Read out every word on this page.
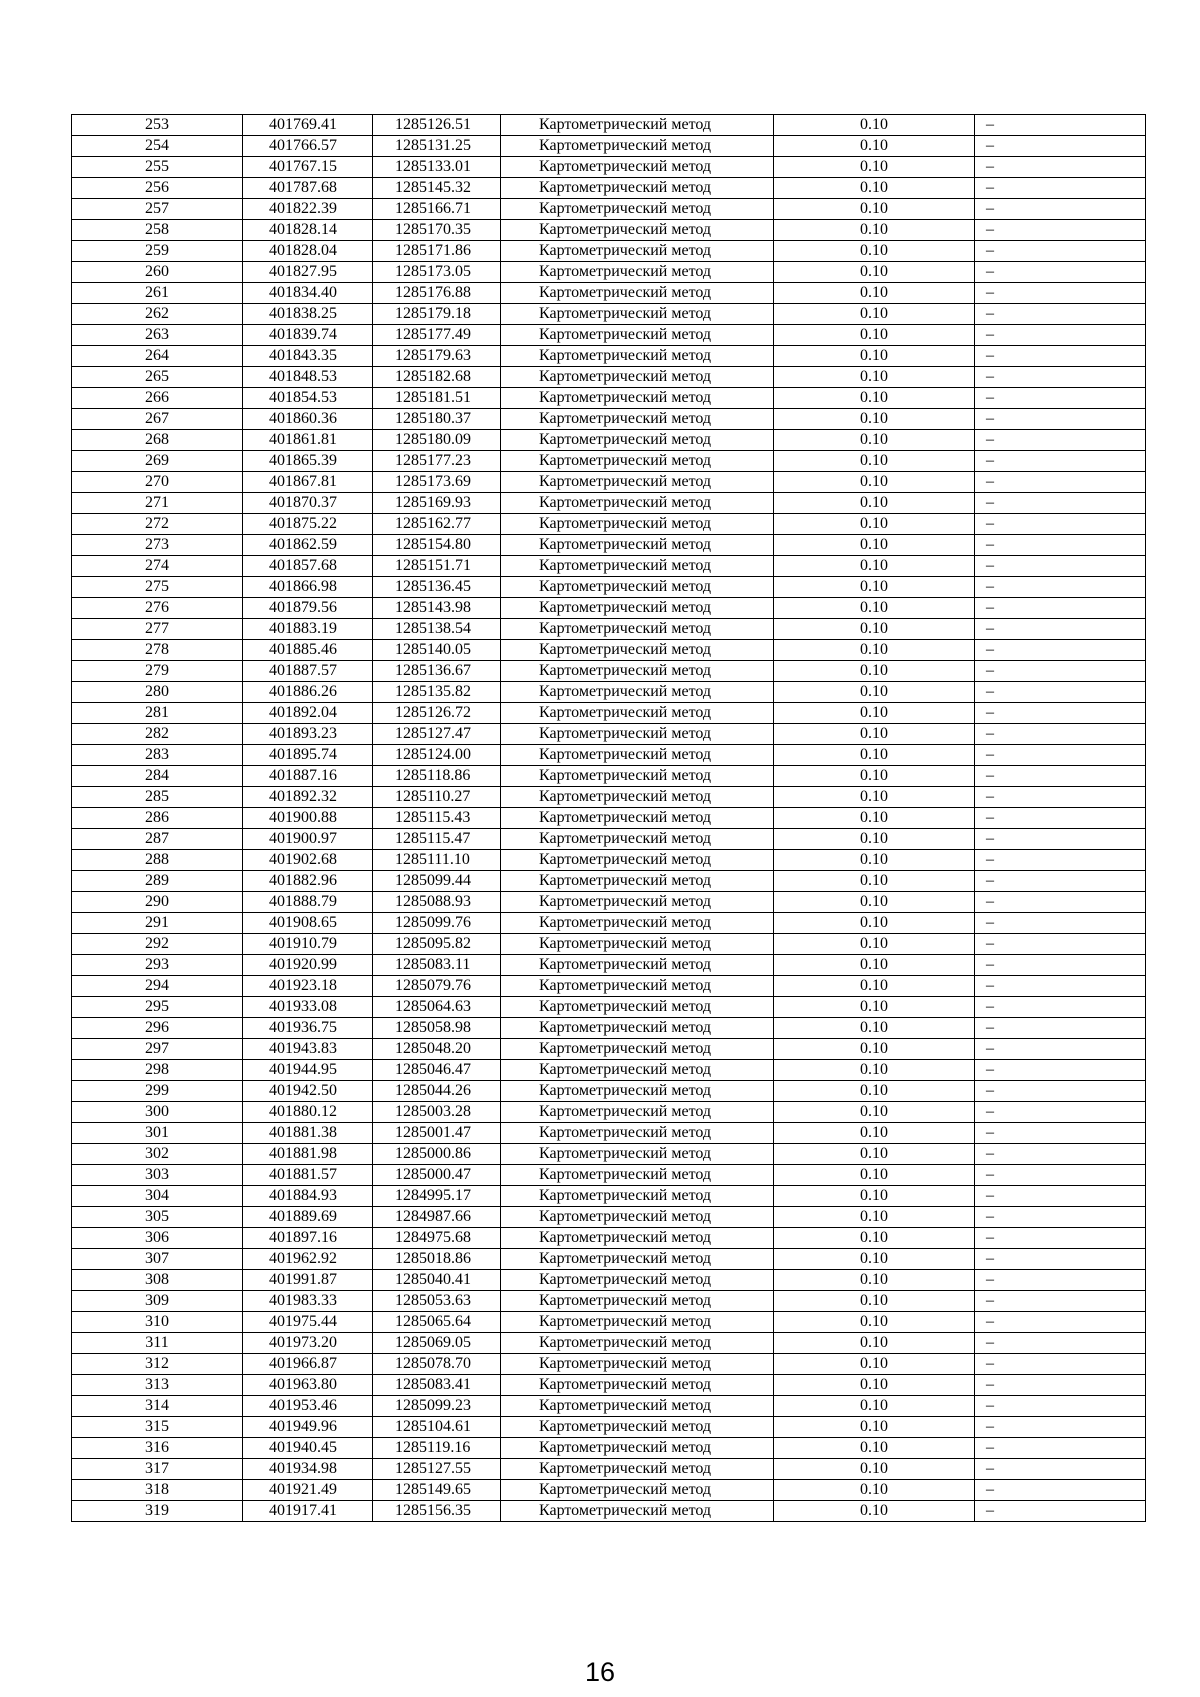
253	401769.41	1285126.51	Картометрический метод	0.10	–
254	401766.57	1285131.25	Картометрический метод	0.10	–
255	401767.15	1285133.01	Картометрический метод	0.10	–
256	401787.68	1285145.32	Картометрический метод	0.10	–
257	401822.39	1285166.71	Картометрический метод	0.10	–
258	401828.14	1285170.35	Картометрический метод	0.10	–
259	401828.04	1285171.86	Картометрический метод	0.10	–
260	401827.95	1285173.05	Картометрический метод	0.10	–
261	401834.40	1285176.88	Картометрический метод	0.10	–
262	401838.25	1285179.18	Картометрический метод	0.10	–
263	401839.74	1285177.49	Картометрический метод	0.10	–
264	401843.35	1285179.63	Картометрический метод	0.10	–
265	401848.53	1285182.68	Картометрический метод	0.10	–
266	401854.53	1285181.51	Картометрический метод	0.10	–
267	401860.36	1285180.37	Картометрический метод	0.10	–
268	401861.81	1285180.09	Картометрический метод	0.10	–
269	401865.39	1285177.23	Картометрический метод	0.10	–
270	401867.81	1285173.69	Картометрический метод	0.10	–
271	401870.37	1285169.93	Картометрический метод	0.10	–
272	401875.22	1285162.77	Картометрический метод	0.10	–
273	401862.59	1285154.80	Картометрический метод	0.10	–
274	401857.68	1285151.71	Картометрический метод	0.10	–
275	401866.98	1285136.45	Картометрический метод	0.10	–
276	401879.56	1285143.98	Картометрический метод	0.10	–
277	401883.19	1285138.54	Картометрический метод	0.10	–
278	401885.46	1285140.05	Картометрический метод	0.10	–
279	401887.57	1285136.67	Картометрический метод	0.10	–
280	401886.26	1285135.82	Картометрический метод	0.10	–
281	401892.04	1285126.72	Картометрический метод	0.10	–
282	401893.23	1285127.47	Картометрический метод	0.10	–
283	401895.74	1285124.00	Картометрический метод	0.10	–
284	401887.16	1285118.86	Картометрический метод	0.10	–
285	401892.32	1285110.27	Картометрический метод	0.10	–
286	401900.88	1285115.43	Картометрический метод	0.10	–
287	401900.97	1285115.47	Картометрический метод	0.10	–
288	401902.68	1285111.10	Картометрический метод	0.10	–
289	401882.96	1285099.44	Картометрический метод	0.10	–
290	401888.79	1285088.93	Картометрический метод	0.10	–
291	401908.65	1285099.76	Картометрический метод	0.10	–
292	401910.79	1285095.82	Картометрический метод	0.10	–
293	401920.99	1285083.11	Картометрический метод	0.10	–
294	401923.18	1285079.76	Картометрический метод	0.10	–
295	401933.08	1285064.63	Картометрический метод	0.10	–
296	401936.75	1285058.98	Картометрический метод	0.10	–
297	401943.83	1285048.20	Картометрический метод	0.10	–
298	401944.95	1285046.47	Картометрический метод	0.10	–
299	401942.50	1285044.26	Картометрический метод	0.10	–
300	401880.12	1285003.28	Картометрический метод	0.10	–
301	401881.38	1285001.47	Картометрический метод	0.10	–
302	401881.98	1285000.86	Картометрический метод	0.10	–
303	401881.57	1285000.47	Картометрический метод	0.10	–
304	401884.93	1284995.17	Картометрический метод	0.10	–
305	401889.69	1284987.66	Картометрический метод	0.10	–
306	401897.16	1284975.68	Картометрический метод	0.10	–
307	401962.92	1285018.86	Картометрический метод	0.10	–
308	401991.87	1285040.41	Картометрический метод	0.10	–
309	401983.33	1285053.63	Картометрический метод	0.10	–
310	401975.44	1285065.64	Картометрический метод	0.10	–
311	401973.20	1285069.05	Картометрический метод	0.10	–
312	401966.87	1285078.70	Картометрический метод	0.10	–
313	401963.80	1285083.41	Картометрический метод	0.10	–
314	401953.46	1285099.23	Картометрический метод	0.10	–
315	401949.96	1285104.61	Картометрический метод	0.10	–
316	401940.45	1285119.16	Картометрический метод	0.10	–
317	401934.98	1285127.55	Картометрический метод	0.10	–
318	401921.49	1285149.65	Картометрический метод	0.10	–
319	401917.41	1285156.35	Картометрический метод	0.10	–
16
